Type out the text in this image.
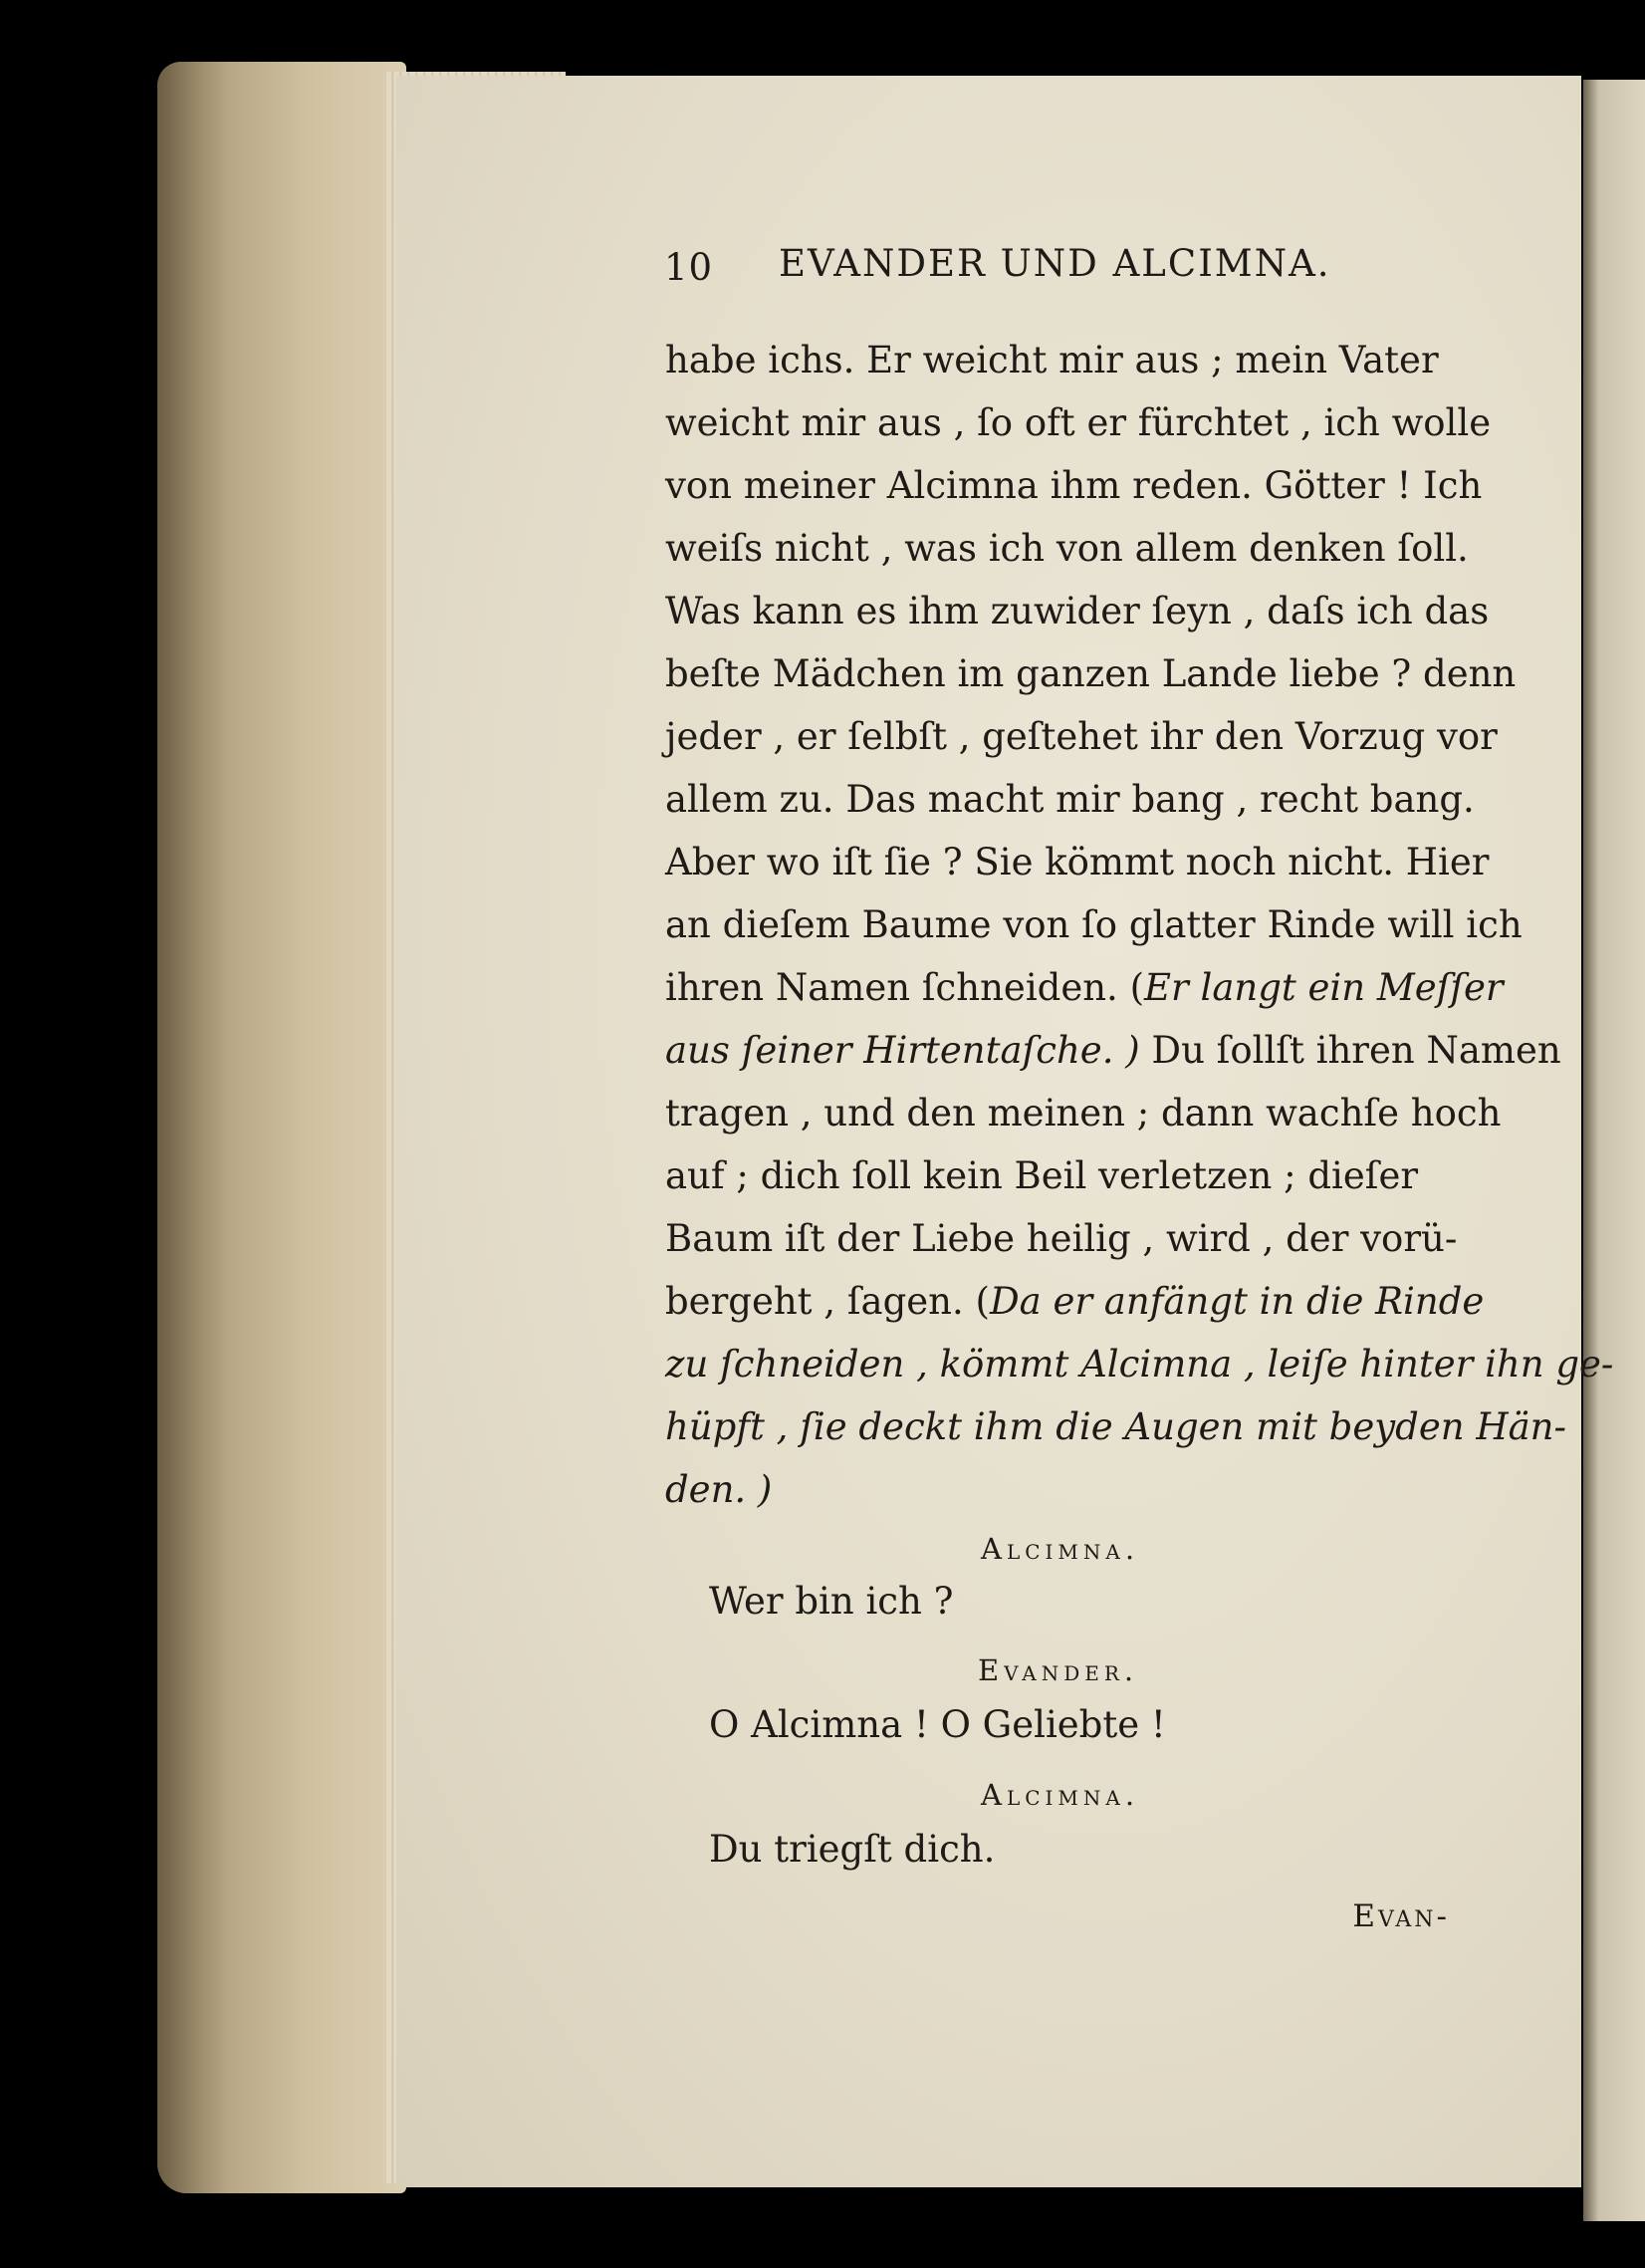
10 EVANDER UND ALCIMNA.
habe ichs. Er weicht mir aus ; mein Vater
weicht mir aus , ſo oft er fürchtet , ich wolle
von meiner Alcimna ihm reden. Götter ! Ich
weiſs nicht , was ich von allem denken ſoll.
Was kann es ihm zuwider ſeyn , daſs ich das
beſte Mädchen im ganzen Lande liebe ? denn
jeder , er ſelbſt , geſtehet ihr den Vorzug vor
allem zu. Das macht mir bang , recht bang.
Aber wo iſt ſie ? Sie kömmt noch nicht. Hier
an dieſem Baume von ſo glatter Rinde will ich
ihren Namen ſchneiden. (Er langt ein Meſſer
aus ſeiner Hirtentaſche. ) Du ſollſt ihren Namen
tragen , und den meinen ; dann wachſe hoch
auf ; dich ſoll kein Beil verletzen ; dieſer
Baum iſt der Liebe heilig , wird , der vorü-
bergeht , ſagen. (Da er anfängt in die Rinde
zu ſchneiden , kömmt Alcimna , leiſe hinter ihn ge-
hüpft , ſie deckt ihm die Augen mit beyden Hän-
den. )
Alcimna.
Wer bin ich ?
Evander.
O Alcimna ! O Geliebte !
Alcimna.
Du triegſt dich.
Evan-
